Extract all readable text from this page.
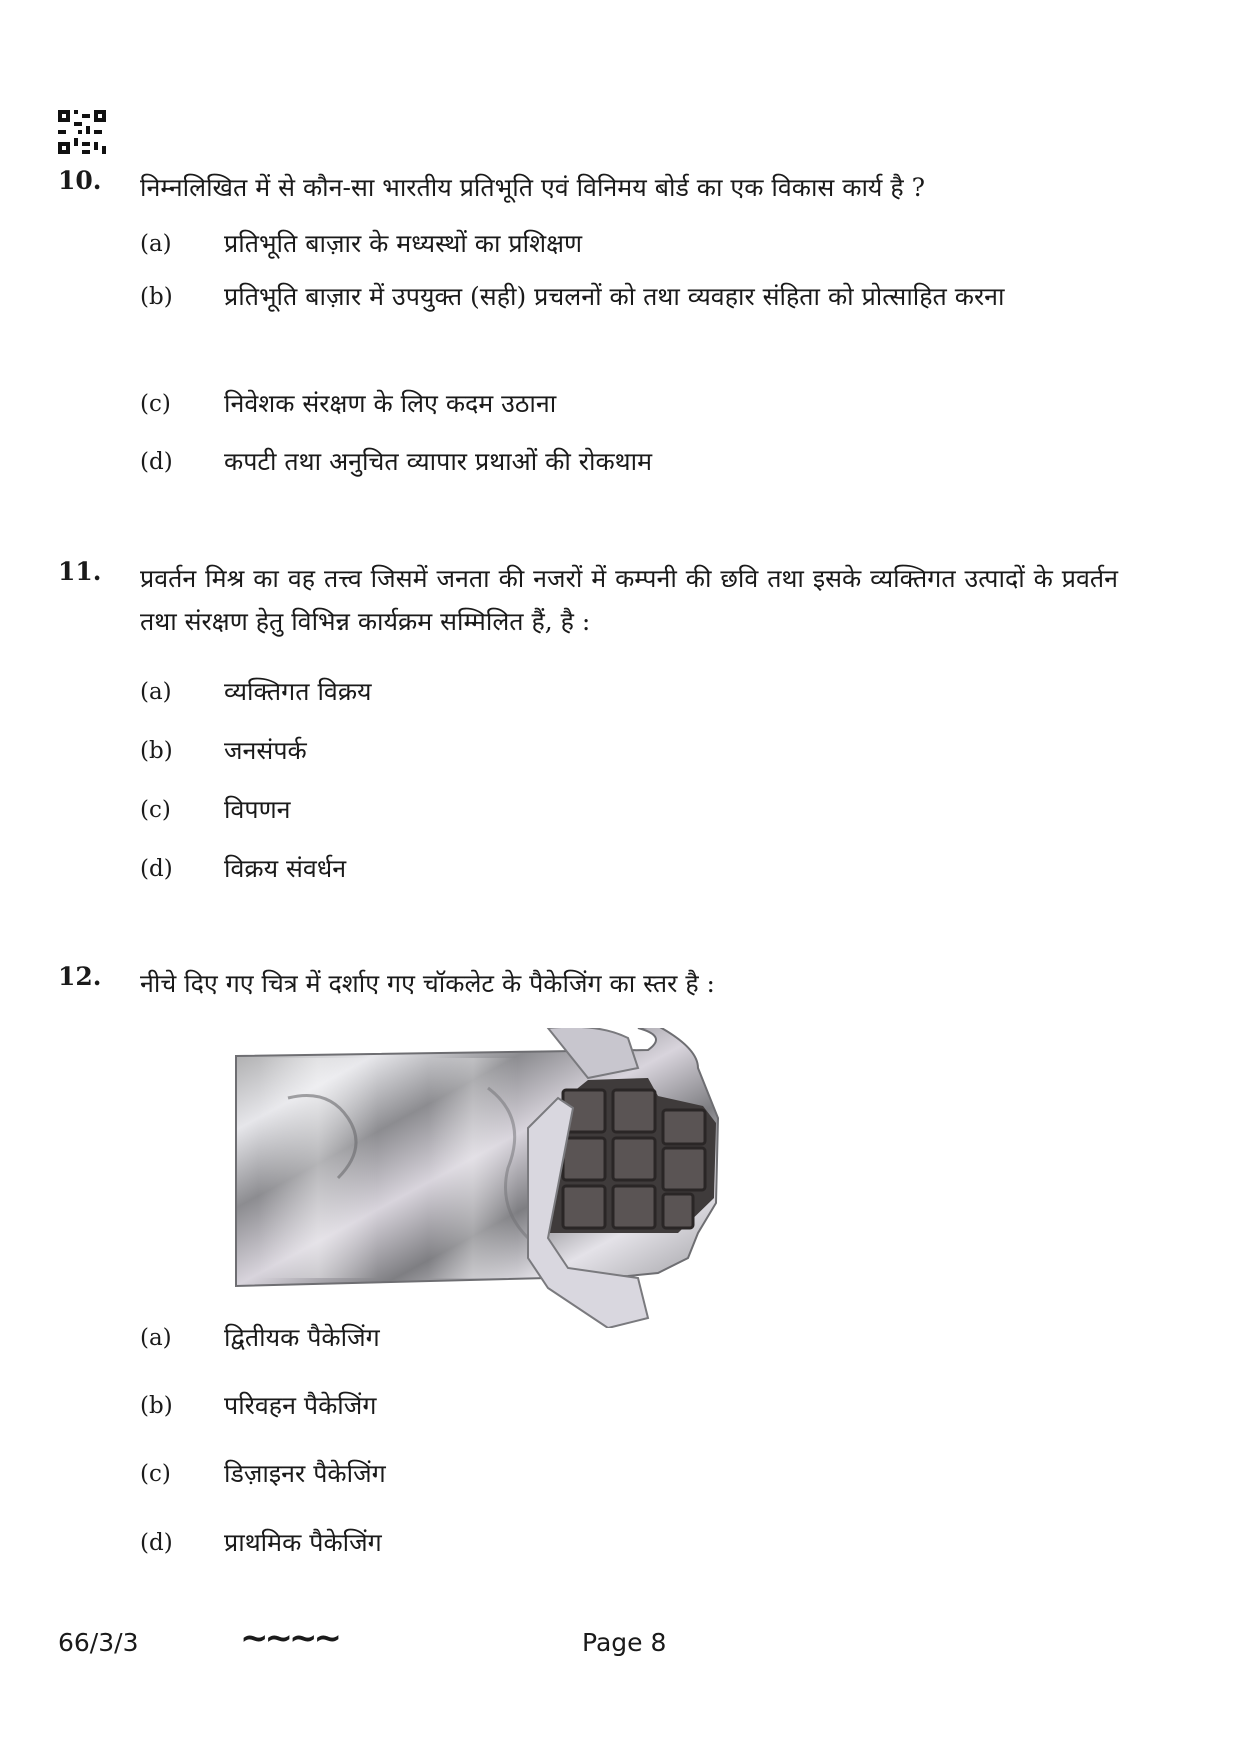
10. निम्नलिखित में से कौन-सा भारतीय प्रतिभूति एवं विनिमय बोर्ड का एक विकास कार्य है ?
(a) प्रतिभूति बाज़ार के मध्यस्थों का प्रशिक्षण
(b) प्रतिभूति बाज़ार में उपयुक्त (सही) प्रचलनों को तथा व्यवहार संहिता को प्रोत्साहित करना
(c) निवेशक संरक्षण के लिए कदम उठाना
(d) कपटी तथा अनुचित व्यापार प्रथाओं की रोकथाम
11. प्रवर्तन मिश्र का वह तत्त्व जिसमें जनता की नजरों में कम्पनी की छवि तथा इसके व्यक्तिगत उत्पादों के प्रवर्तन तथा संरक्षण हेतु विभिन्न कार्यक्रम सम्मिलित हैं, है :
(a) व्यक्तिगत विक्रय
(b) जनसंपर्क
(c) विपणन
(d) विक्रय संवर्धन
12. नीचे दिए गए चित्र में दर्शाए गए चॉकलेट के पैकेजिंग का स्तर है :
(a) द्वितीयक पैकेजिंग
(b) परिवहन पैकेजिंग
(c) डिज़ाइनर पैकेजिंग
(d) प्राथमिक पैकेजिंग
66/3/3	~~~~	Page 8
